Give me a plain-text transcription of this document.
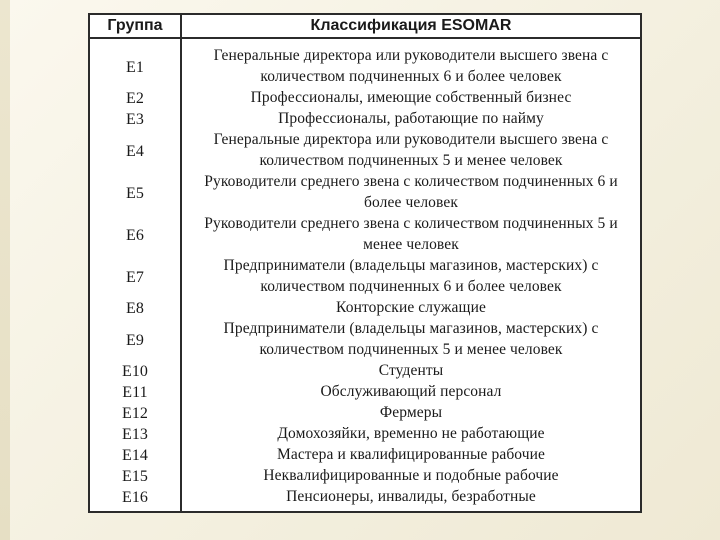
Группа	Классификация ESOMAR
E1
E2
E3
E4
E5
E6
E7
E8
E9
E10
E11
E12
E13
E14
E15
E16
Генеральные директора или руководители высшего звена с количеством подчиненных 6 и более человек
Профессионалы, имеющие собственный бизнес
Профессионалы, работающие по найму
Генеральные директора или руководители высшего звена с количеством подчиненных 5 и менее человек
Руководители среднего звена с количеством подчиненных 6 и более человек
Руководители среднего звена с количеством подчиненных 5 и менее человек
Предприниматели (владельцы магазинов, мастерских) с количеством подчиненных 6 и более человек
Конторские служащие
Предприниматели (владельцы магазинов, мастерских) с количеством подчиненных 5 и менее человек
Студенты
Обслуживающий персонал
Фермеры
Домохозяйки, временно не работающие
Мастера и квалифицированные рабочие
Неквалифицированные и подобные рабочие
Пенсионеры, инвалиды, безработные
